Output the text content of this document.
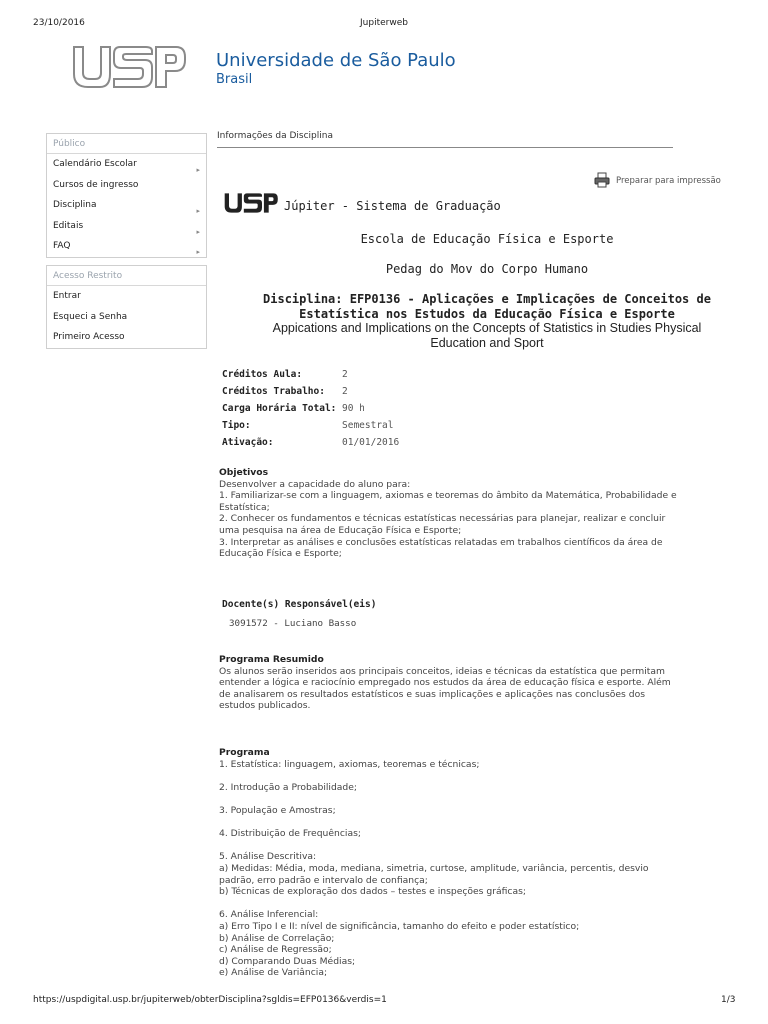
23/10/2016	Jupiterweb
https://uspdigital.usp.br/jupiterweb/obterDisciplina?sgldis=EFP0136&verdis=1	1/3
Universidade de São Paulo
Brasil
Público
Calendário Escolar
▸
Cursos de ingresso
Disciplina
▸
Editais
▸
FAQ
▸
Acesso Restrito
Entrar
Esqueci a Senha
Primeiro Acesso
Informações da Disciplina
Preparar para impressão
Júpiter - Sistema de Graduação
Escola de Educação Física e Esporte
Pedag do Mov do Corpo Humano
Disciplina: EFP0136 - Aplicações e Implicações de Conceitos de
Estatística nos Estudos da Educação Física e Esporte
Appications and Implications on the Concepts of Statistics in Studies Physical
Education and Sport
Créditos Aula:	2
Créditos Trabalho:	2
Carga Horária Total: 90 h
Tipo:	Semestral
Ativação:	01/01/2016
Objetivos
Desenvolver a capacidade do aluno para:
1. Familiarizar-se com a linguagem, axiomas e teoremas do âmbito da Matemática, Probabilidade e
Estatística;
2. Conhecer os fundamentos e técnicas estatísticas necessárias para planejar, realizar e concluir
uma pesquisa na área de Educação Física e Esporte;
3. Interpretar as análises e conclusões estatísticas relatadas em trabalhos científicos da área de
Educação Física e Esporte;
Docente(s) Responsável(eis)
3091572 - Luciano Basso
Programa Resumido
Os alunos serão inseridos aos principais conceitos, ideias e técnicas da estatística que permitam
entender a lógica e raciocínio empregado nos estudos da área de educação física e esporte. Além
de analisarem os resultados estatísticos e suas implicações e aplicações nas conclusões dos
estudos publicados.
Programa
1. Estatística: linguagem, axiomas, teoremas e técnicas;
2. Introdução a Probabilidade;
3. População e Amostras;
4. Distribuição de Frequências;
5. Análise Descritiva:
a) Medidas: Média, moda, mediana, simetria, curtose, amplitude, variância, percentis, desvio
padrão, erro padrão e intervalo de confiança;
b) Técnicas de exploração dos dados – testes e inspeções gráficas;
6. Análise Inferencial:
a) Erro Tipo I e II: nível de significância, tamanho do efeito e poder estatístico;
b) Análise de Correlação;
c) Análise de Regressão;
d) Comparando Duas Médias;
e) Análise de Variância;
